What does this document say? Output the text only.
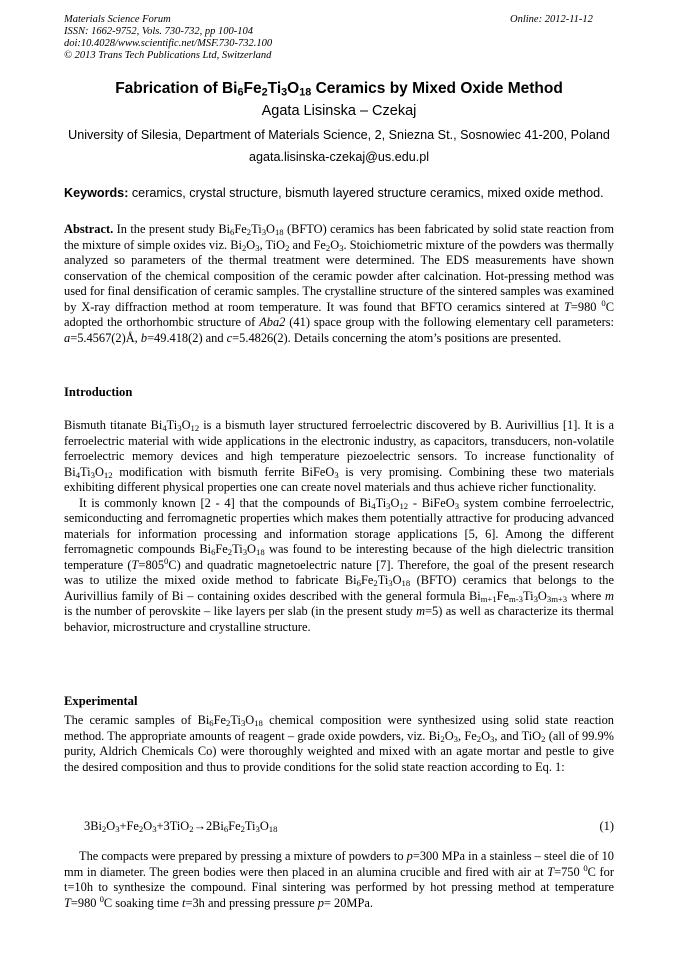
Materials Science Forum
ISSN: 1662-9752, Vols. 730-732, pp 100-104
doi:10.4028/www.scientific.net/MSF.730-732.100
© 2013 Trans Tech Publications Ltd, Switzerland
Online: 2012-11-12
Fabrication of $Bi_6Fe_2Ti_3O_{18}$ Ceramics by Mixed Oxide Method
Agata Lisinska – Czekaj
University of Silesia, Department of Materials Science, 2, Sniezna St., Sosnowiec 41-200, Poland
agata.lisinska-czekaj@us.edu.pl
Keywords: ceramics, crystal structure, bismuth layered structure ceramics, mixed oxide method.

Abstract. In the present study $Bi_6Fe_2Ti_3O_{18}$ (BFTO) ceramics has been fabricated by solid state reaction from the mixture of simple oxides viz. $Bi_2O_3$, TiO$_2$ and $Fe_2O_3$. Stoichiometric mixture of the powders was thermally analyzed so parameters of the thermal treatment were determined. The EDS measurements have shown conservation of the chemical composition of the ceramic powder after calcination. Hot-pressing method was used for final densification of ceramic samples. The crystalline structure of the sintered samples was examined by X-ray diffraction method at room temperature. It was found that BFTO ceramics sintered at T=980 $^0$C adopted the orthorhombic structure of Aba2 (41) space group with the following elementary cell parameters: a=5.4567(2)Å, b=49.418(2) and c=5.4826(2). Details concerning the atom’s positions are presented.

Introduction

Bismuth titanate $Bi_4Ti_3O_{12}$ is a bismuth layer structured ferroelectric discovered by B. Aurivillius [1]. It is a ferroelectric material with wide applications in the electronic industry, as capacitors, transducers, non-volatile ferroelectric memory devices and high temperature piezoelectric sensors. To increase functionality of $Bi_4Ti_3O_{12}$ modification with bismuth ferrite BiFeO$_3$ is very promising. Combining these two materials exhibiting different physical properties one can create novel materials and thus achieve richer functionality.

It is commonly known [2 - 4] that the compounds of $Bi_4Ti_3O_{12}$ - BiFeO$_3$ system combine ferroelectric, semiconducting and ferromagnetic properties which makes them potentially attractive for producing advanced materials for information processing and information storage applications [5, 6]. Among the different ferromagnetic compounds $Bi_6Fe_2Ti_3O_{18}$ was found to be interesting because of the high dielectric transition temperature $(T=805^0C)$ and quadratic magnetoelectric nature [7]. Therefore, the goal of the present research was to utilize the mixed oxide method to fabricate $Bi_6Fe_2Ti_3O_{18}$ (BFTO) ceramics that belongs to the Aurivillius family of Bi – containing oxides described with the general formula $Bi_{m+1}Fe_{m-3}Ti_3O_{3m+3}$ where m is the number of perovskite – like layers per slab (in the present study m=5) as well as characterize its thermal behavior, microstructure and crystalline structure.

Experimental

The ceramic samples of $Bi_6Fe_2Ti_3O_{18}$ chemical composition were synthesized using solid state reaction method. The appropriate amounts of reagent – grade oxide powders, viz. $Bi_2O_3$, $Fe_2O_3$, and TiO$_2$ (all of 99.9% purity, Aldrich Chemicals Co) were thoroughly weighted and mixed with an agate mortar and pestle to give the desired composition and thus to provide conditions for the solid state reaction according to Eq. 1:

$3Bi_2O_3+Fe_2O_3+3TiO_2\to 2Bi_6Fe_2Ti_3O_{18}$	(1)

The compacts were prepared by pressing a mixture of powders to p=300 MPa in a stainless – steel die of 10 mm in diameter. The green bodies were then placed in an alumina crucible and fired with air at T=750 $^0$C for t=10h to synthesize the compound. Final sintering was performed by hot pressing method at temperature T=980 $^0$C soaking time t=3h and pressing pressure p= 20MPa.
